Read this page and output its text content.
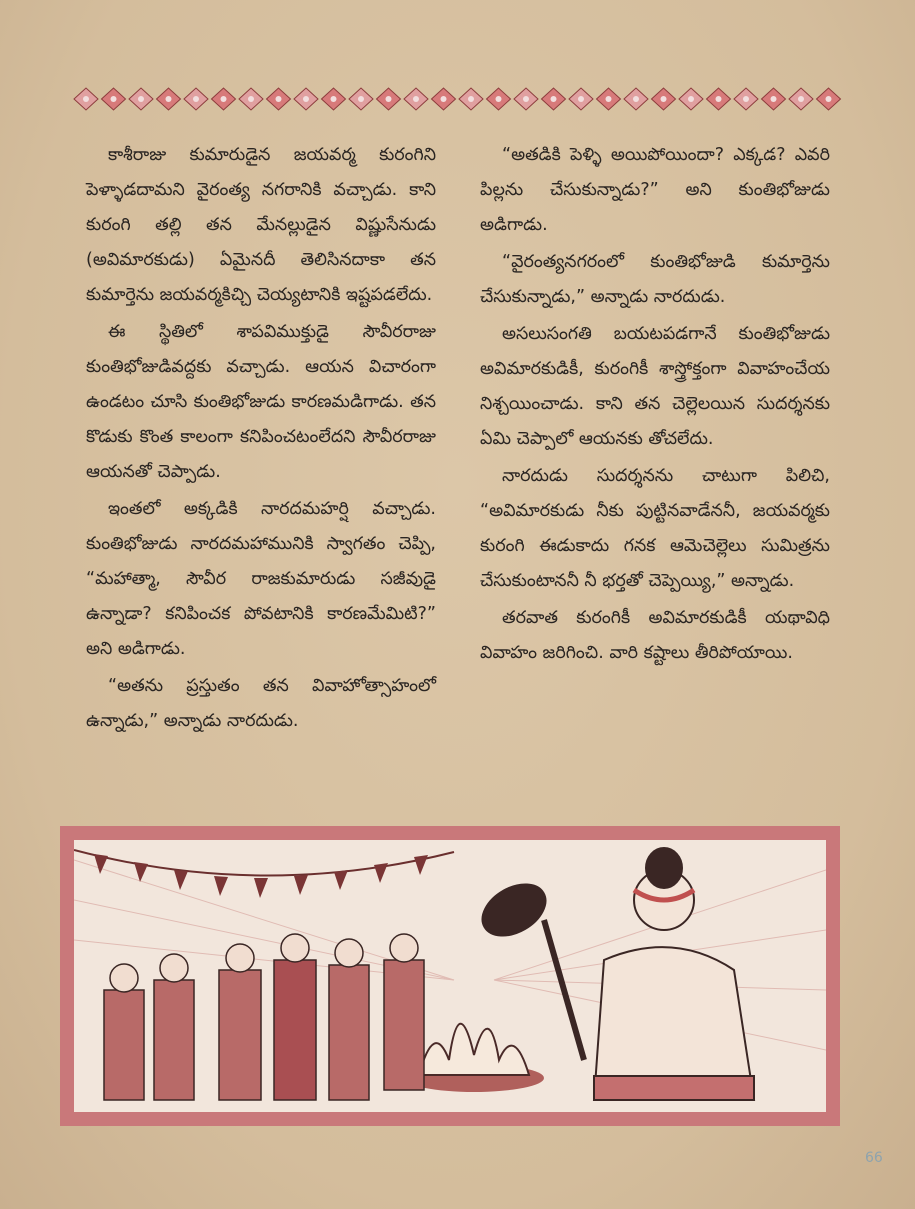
కాశీరాజు కుమారుడైన జయవర్మ కురంగిని పెళ్ళాడదామని వైరంత్య నగరానికి వచ్చాడు. కాని కురంగి తల్లి తన మేనల్లుడైన విష్ణుసేనుడు (అవిమారకుడు) ఏమైనదీ తెలిసినదాకా తన కుమార్తెను జయవర్మకిచ్చి చెయ్యటానికి ఇష్టపడలేదు.

ఈ స్థితిలో శాపవిముక్తుడై సౌవీరరాజు కుంతిభోజుడివద్దకు వచ్చాడు. ఆయన విచారంగా ఉండటం చూసి కుంతిభోజుడు కారణమడిగాడు. తన కొడుకు కొంత కాలంగా కనిపించటంలేదని సౌవీరరాజు ఆయనతో చెప్పాడు.

ఇంతలో అక్కడికి నారదమహర్షి వచ్చాడు. కుంతిభోజుడు నారదమహామునికి స్వాగతం చెప్పి, “మహాత్మా, సౌవీర రాజకుమారుడు సజీవుడై ఉన్నాడా? కనిపించక పోవటానికి కారణమేమిటి?” అని అడిగాడు.

“అతను ప్రస్తుతం తన వివాహోత్సాహంలో ఉన్నాడు,” అన్నాడు నారదుడు.

“అతడికి పెళ్ళి అయిపోయిందా? ఎక్కడ? ఎవరి పిల్లను చేసుకున్నాడు?” అని కుంతిభోజుడు అడిగాడు.

“వైరంత్యనగరంలో కుంతిభోజుడి కుమార్తెను చేసుకున్నాడు,” అన్నాడు నారదుడు.

అసలుసంగతి బయటపడగానే కుంతిభోజుడు అవిమారకుడికీ, కురంగికీ శాస్త్రోక్తంగా వివాహంచేయ నిశ్చయించాడు. కాని తన చెల్లెలయిన సుదర్శనకు ఏమి చెప్పాలో ఆయనకు తోచలేదు.

నారదుడు సుదర్శనను చాటుగా పిలిచి, “అవిమారకుడు నీకు పుట్టినవాడేననీ, జయవర్మకు కురంగి ఈడుకాదు గనక ఆమెచెల్లెలు సుమిత్రను చేసుకుంటాననీ నీ భర్తతో చెప్పెయ్యి,” అన్నాడు.

తరవాత కురంగికీ అవిమారకుడికీ యథావిధి వివాహం జరిగించి. వారి కష్టాలు తీరిపోయాయి.

66
